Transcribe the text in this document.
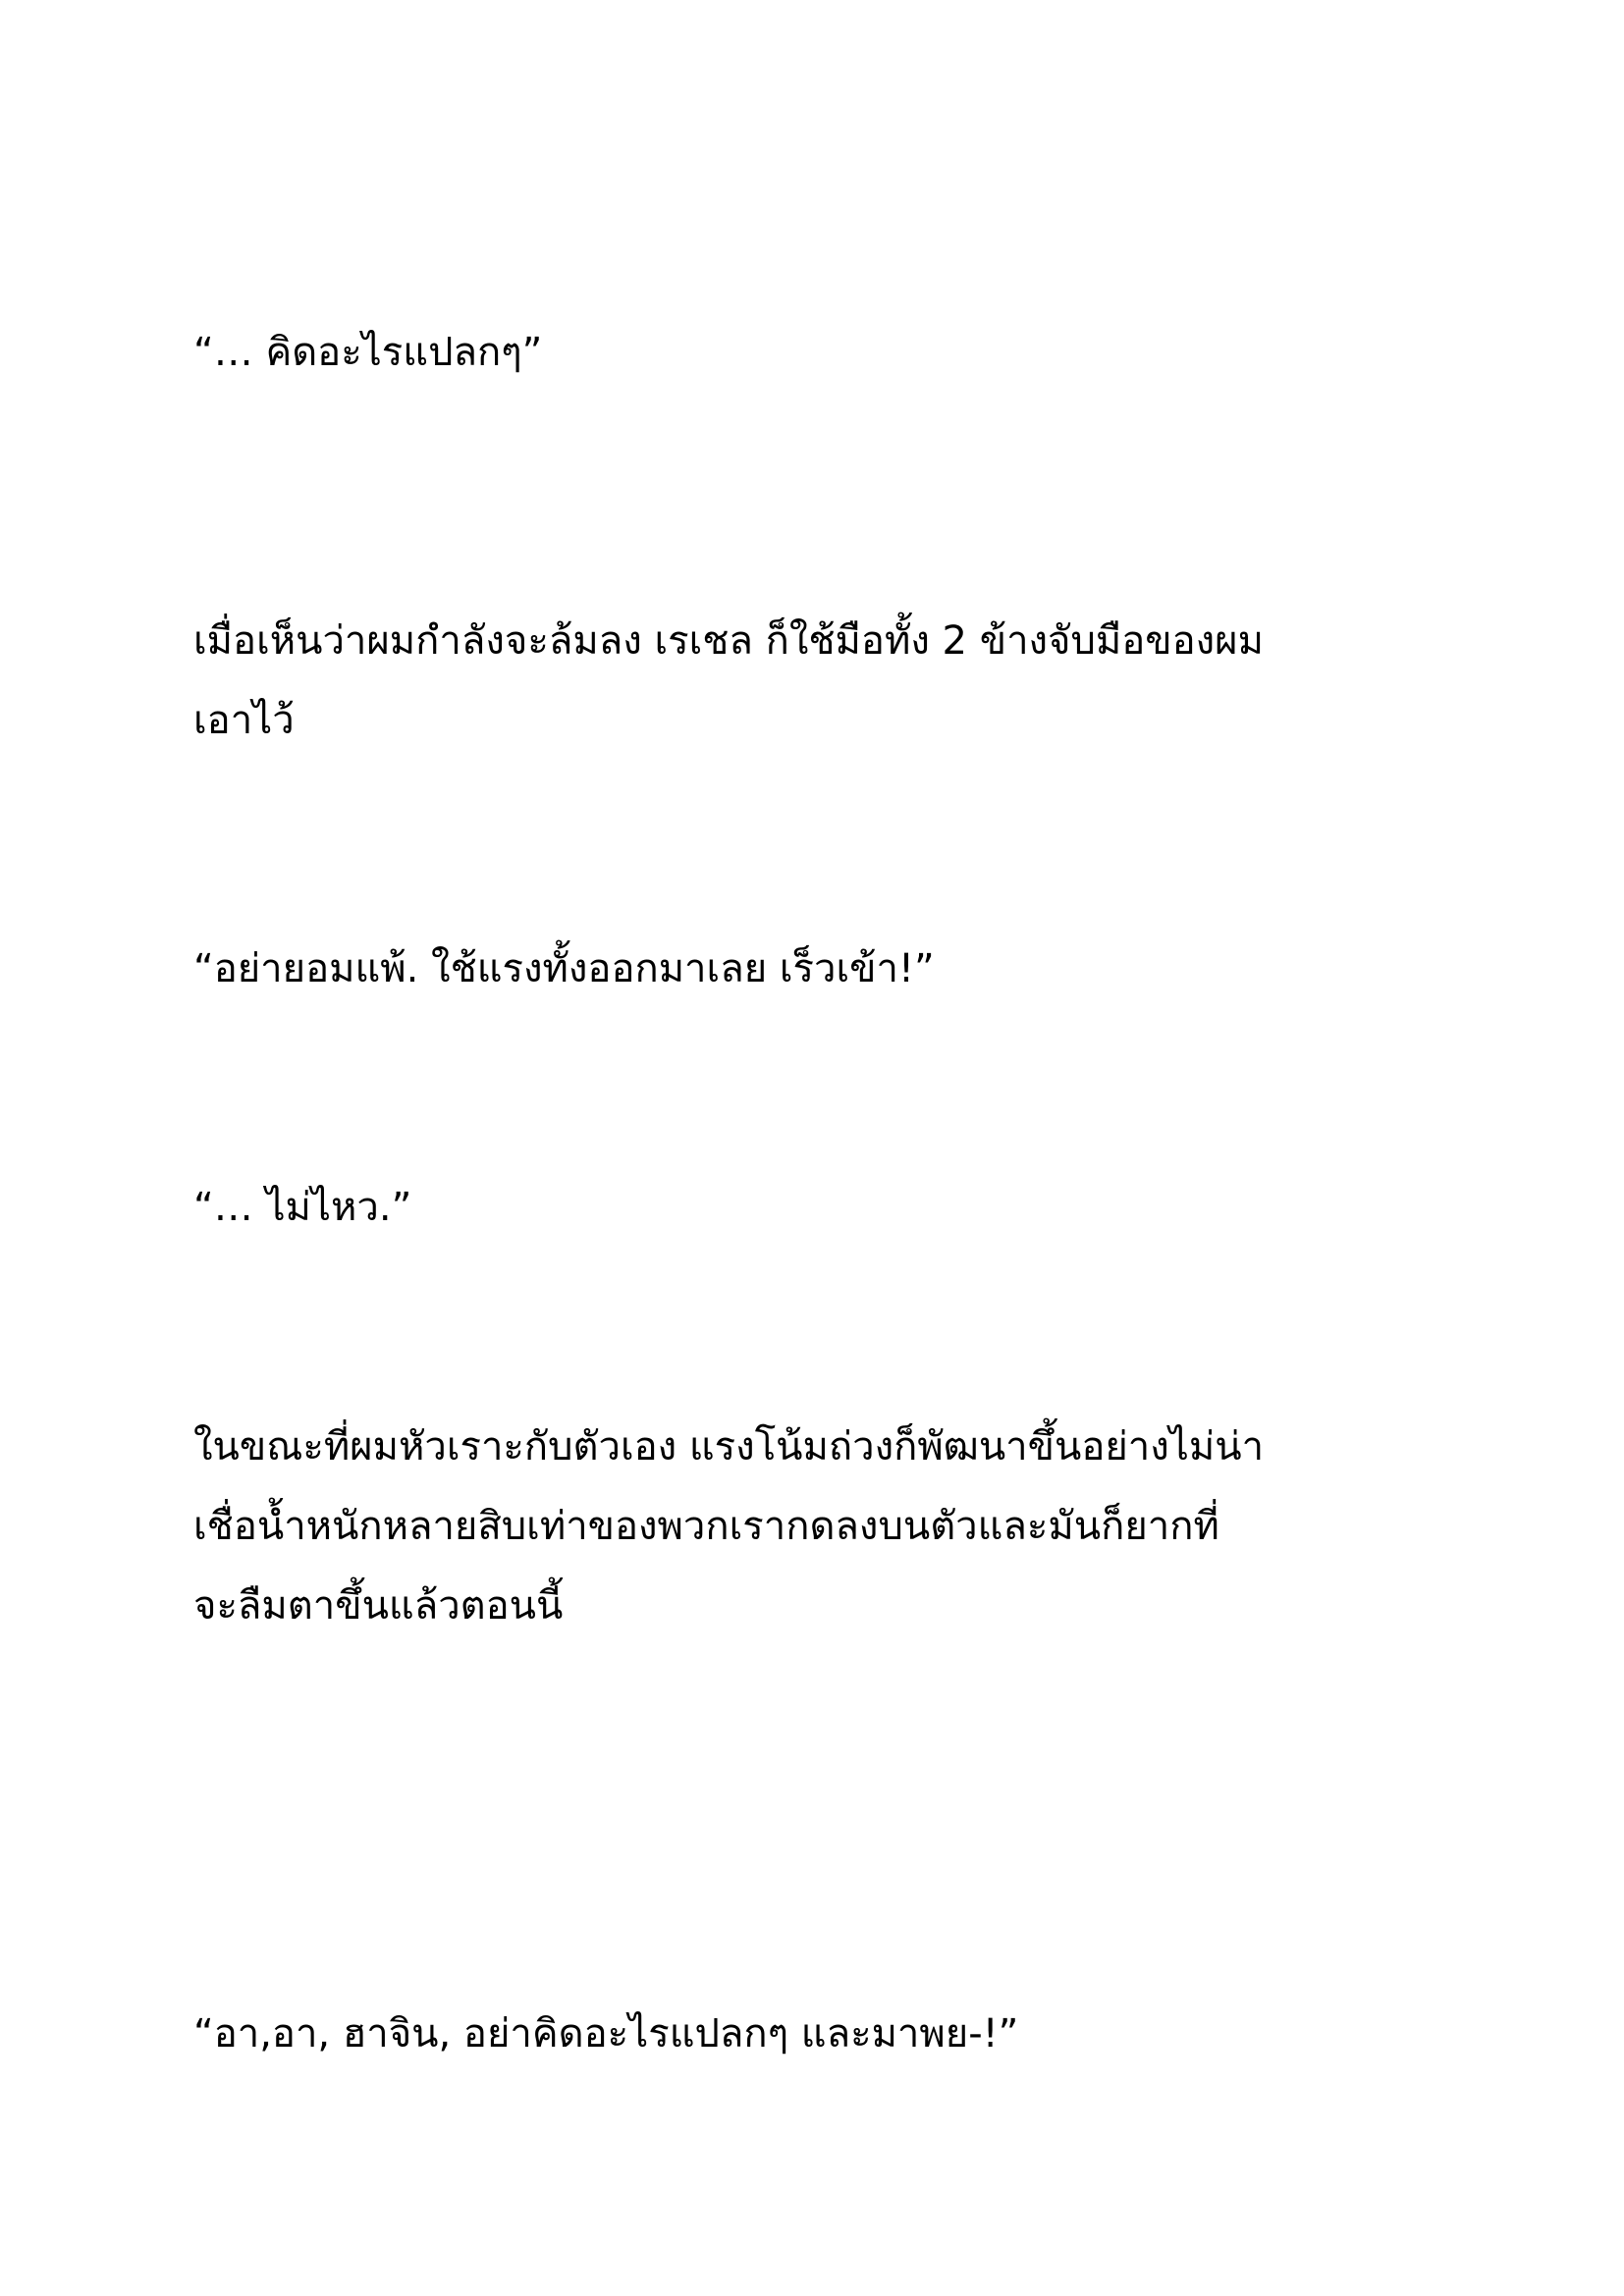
“… คิดอะไรแปลกๆ”

เมื่อเห็นว่าผมกำลังจะล้มลง เรเชล ก็ใช้มือทั้ง 2 ข้างจับมือของผม
เอาไว้

“อย่ายอมแพ้. ใช้แรงทั้งออกมาเลย เร็วเข้า!”

“… ไม่ไหว.”

ในขณะที่ผมหัวเราะกับตัวเอง แรงโน้มถ่วงก็พัฒนาขึ้นอย่างไม่น่า
เชื่อน้ำหนักหลายสิบเท่าของพวกเรากดลงบนตัวและมันก็ยากที่
จะลืมตาขึ้นแล้วตอนนี้

“อา,อา, ฮาจิน, อย่าคิดอะไรแปลกๆ และมาพย-!”
